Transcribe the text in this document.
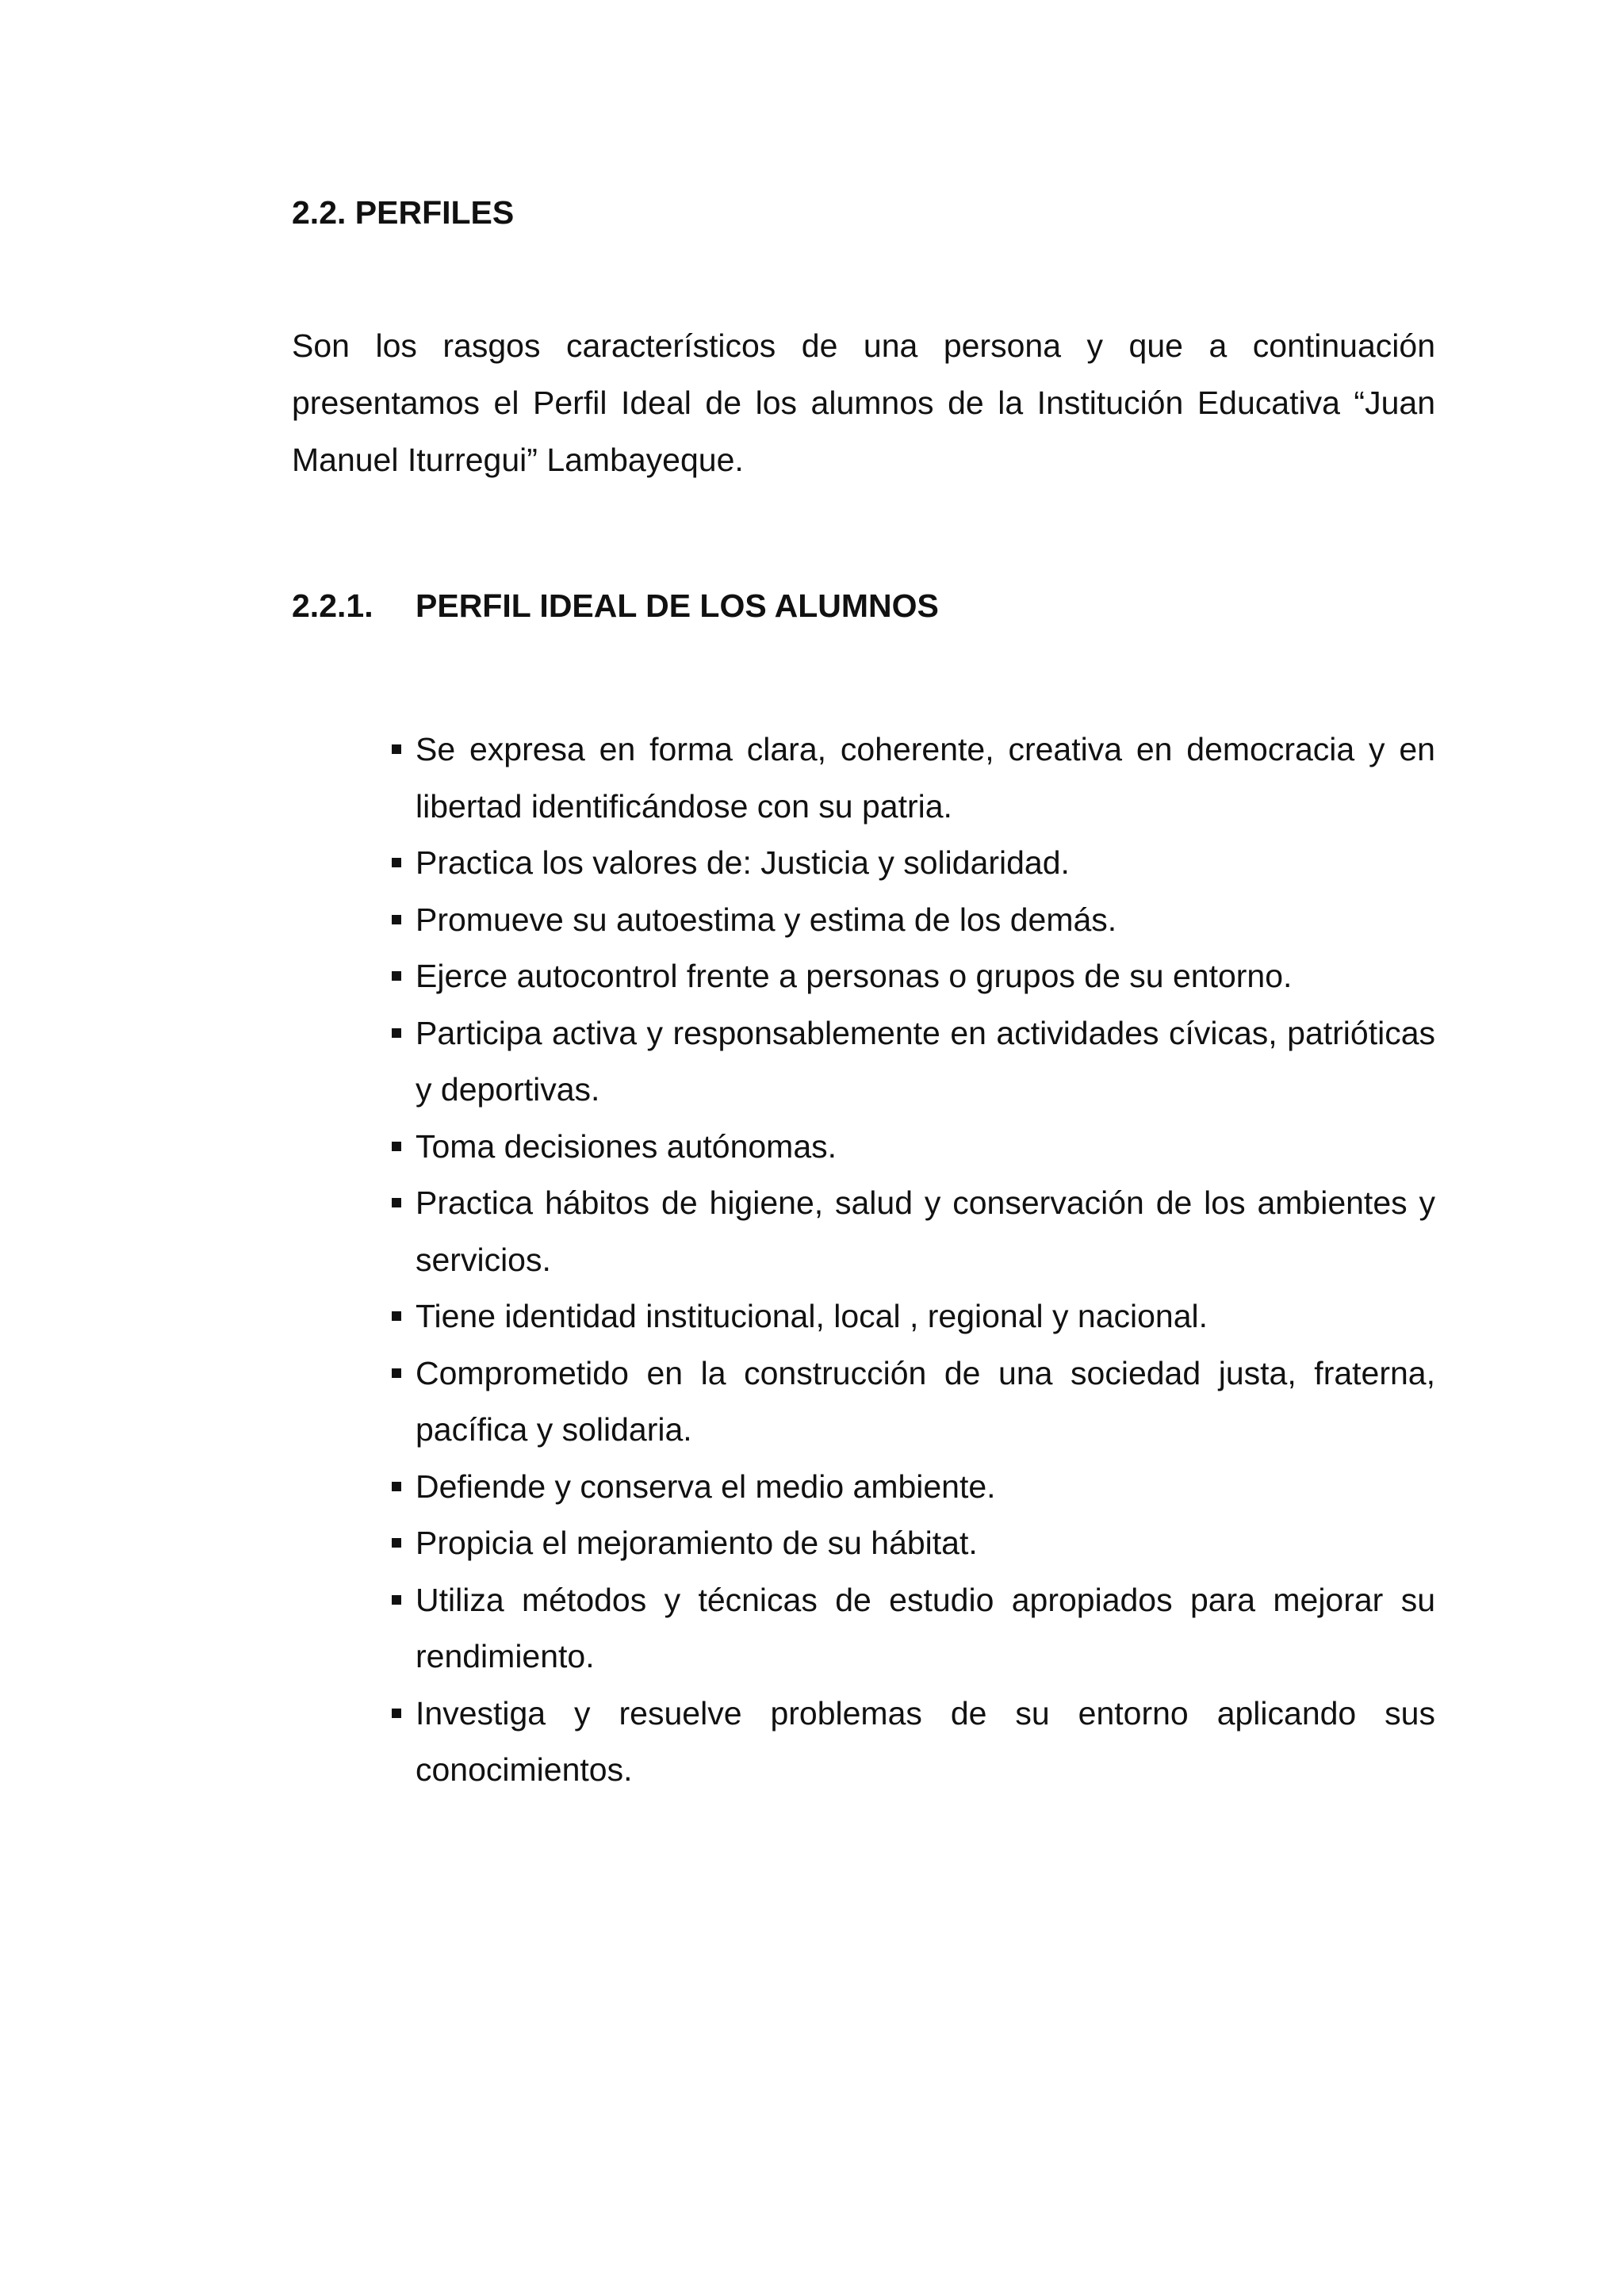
2.2. PERFILES

Son los rasgos característicos de una persona y que a continuación presentamos el Perfil Ideal de los alumnos de la Institución Educativa “Juan Manuel Iturregui” Lambayeque.

2.2.1. PERFIL IDEAL DE LOS ALUMNOS
Se expresa en forma clara, coherente, creativa en democracia y en libertad identificándose con su patria.
Practica los valores de: Justicia y solidaridad.
Promueve su autoestima y estima de los demás.
Ejerce autocontrol frente a personas o grupos de su entorno.
Participa activa y responsablemente en actividades cívicas, patrióticas y deportivas.
Toma decisiones autónomas.
Practica hábitos de higiene, salud y conservación de los ambientes y servicios.
Tiene identidad institucional, local , regional y nacional.
Comprometido en la construcción de una sociedad justa, fraterna, pacífica y solidaria.
Defiende y conserva el medio ambiente.
Propicia el mejoramiento de su hábitat.
Utiliza métodos y técnicas de estudio apropiados para mejorar su rendimiento.
Investiga y resuelve problemas de su entorno aplicando sus conocimientos.
